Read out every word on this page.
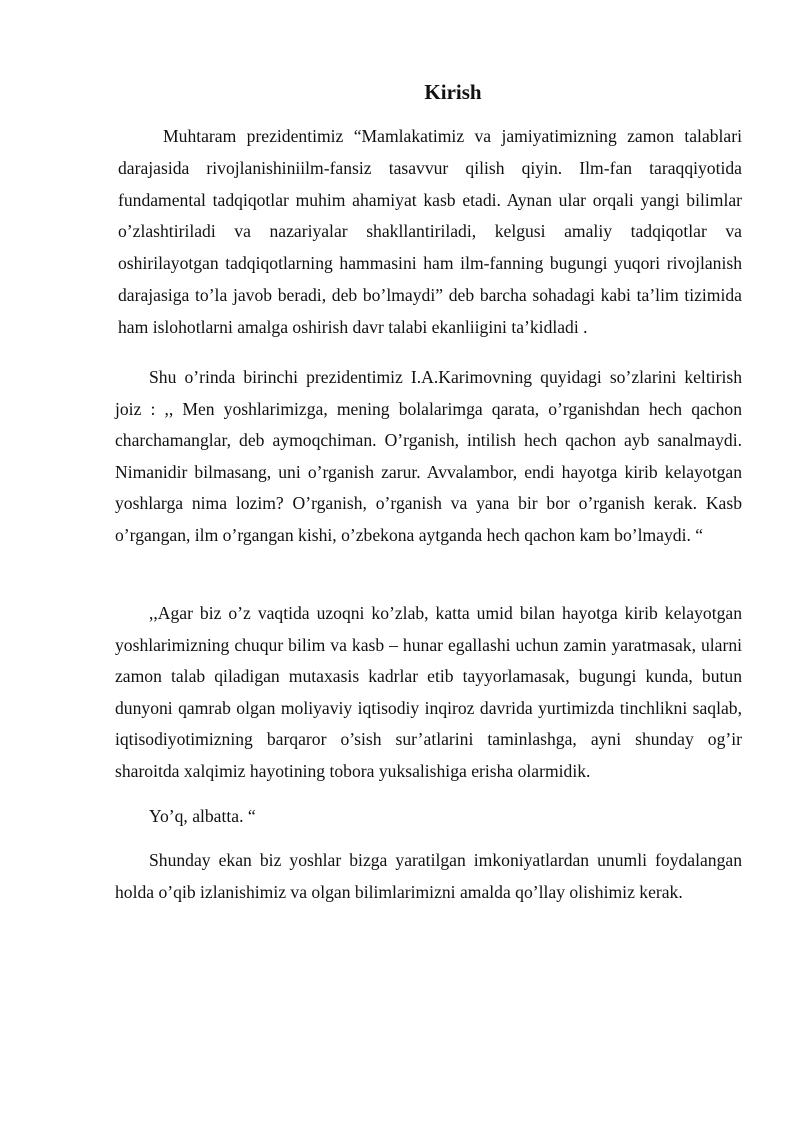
Kirish

Muhtaram prezidentimiz “Mamlakatimiz va jamiyatimizning zamon talablari darajasida rivojlanishiniilm-fansiz tasavvur qilish qiyin. Ilm-fan taraqqiyotida fundamental tadqiqotlar muhim ahamiyat kasb etadi. Aynan ular orqali yangi bilimlar o’zlashtiriladi va nazariyalar shakllantiriladi, kelgusi amaliy tadqiqotlar va oshirilayotgan tadqiqotlarning hammasini ham ilm-fanning bugungi yuqori rivojlanish darajasiga to’la javob beradi, deb bo’lmaydi” deb barcha sohadagi kabi ta’lim tizimida ham islohotlarni amalga oshirish davr talabi ekanliigini ta’kidladi .

Shu o’rinda birinchi prezidentimiz I.A.Karimovning quyidagi so’zlarini keltirish joiz : ,, Men yoshlarimizga, mening bolalarimga qarata, o’rganishdan hech qachon charchamanglar, deb aymoqchiman. O’rganish, intilish hech qachon ayb sanalmaydi. Nimanidir bilmasang, uni o’rganish zarur. Avvalambor, endi hayotga kirib kelayotgan yoshlarga nima lozim? O’rganish, o’rganish va yana bir bor o’rganish kerak. Kasb o’rgangan, ilm o’rgangan kishi, o’zbekona aytganda hech qachon kam bo’lmaydi. “

,,Agar biz o’z vaqtida uzoqni ko’zlab, katta umid bilan hayotga kirib kelayotgan yoshlarimizning chuqur bilim va kasb – hunar egallashi uchun zamin yaratmasak, ularni zamon talab qiladigan mutaxasis kadrlar etib tayyorlamasak, bugungi kunda, butun dunyoni qamrab olgan moliyaviy iqtisodiy inqiroz davrida yurtimizda tinchlikni saqlab, iqtisodiyotimizning barqaror o’sish sur’atlarini taminlashga, ayni shunday og’ir sharoitda xalqimiz hayotining tobora yuksalishiga erisha olarmidik.

Yo’q, albatta. “

Shunday ekan biz yoshlar bizga yaratilgan imkoniyatlardan unumli foydalangan holda o’qib izlanishimiz va olgan bilimlarimizni amalda qo’llay olishimiz kerak.
